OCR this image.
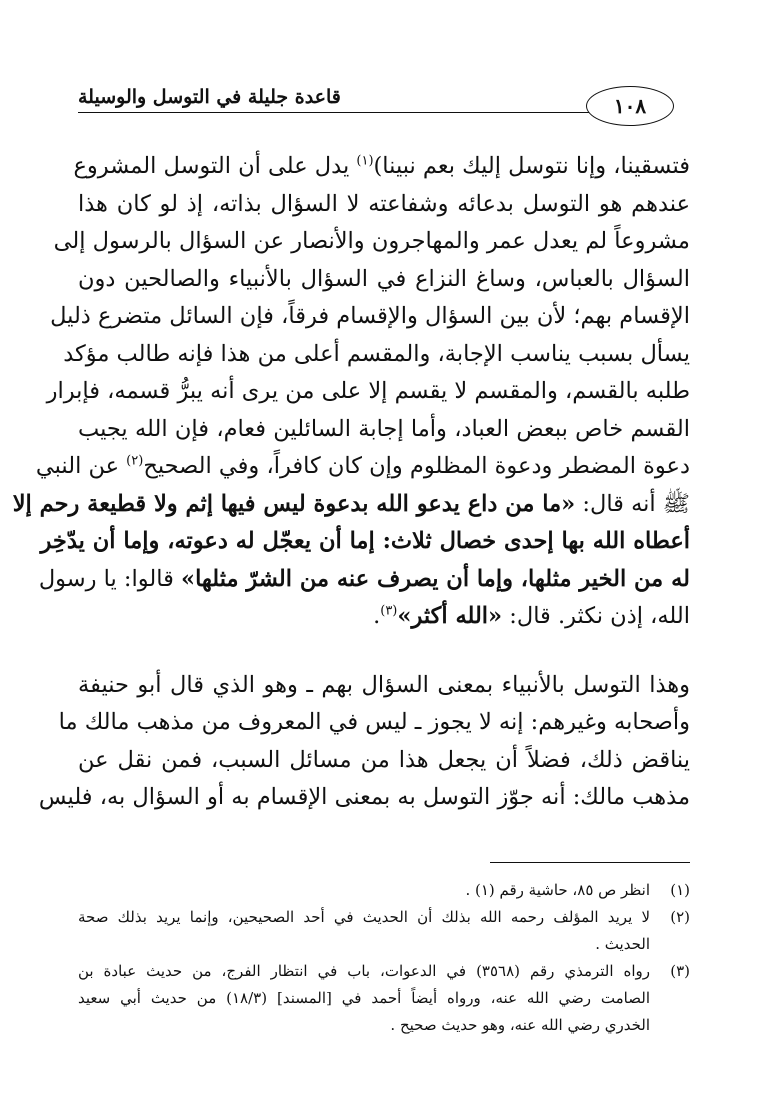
قاعدة جليلة في التوسل والوسيلة	١٠٨
فتسقينا، وإنا نتوسل إليك بعم نبينا)$^{(١)}$ يدل على أن التوسل المشروع
عندهم هو التوسل بدعائه وشفاعته لا السؤال بذاته، إذ لو كان هذا
مشروعاً لم يعدل عمر والمهاجرون والأنصار عن السؤال بالرسول إلى
السؤال بالعباس، وساغ النزاع في السؤال بالأنبياء والصالحين دون
الإقسام بهم؛ لأن بين السؤال والإقسام فرقاً، فإن السائل متضرع ذليل
يسأل بسبب يناسب الإجابة، والمقسم أعلى من هذا فإنه طالب مؤكد
طلبه بالقسم، والمقسم لا يقسم إلا على من يرى أنه يبرُّ قسمه، فإبرار
القسم خاص ببعض العباد، وأما إجابة السائلين فعام، فإن الله يجيب
دعوة المضطر ودعوة المظلوم وإن كان كافراً، وفي الصحيح$^{(٢)}$ عن النبي
ﷺ أنه قال: «ما من داع يدعو الله بدعوة ليس فيها إثم ولا قطيعة رحم إلا
أعطاه الله بها إحدى خصال ثلاث: إما أن يعجّل له دعوته، وإما أن يدّخِر
له من الخير مثلها، وإما أن يصرف عنه من الشرّ مثلها» قالوا: يا رسول
الله، إذن نكثر. قال: «الله أكثر»$^{(٣)}$.
وهذا التوسل بالأنبياء بمعنى السؤال بهم ـ وهو الذي قال أبو حنيفة
وأصحابه وغيرهم: إنه لا يجوز ـ ليس في المعروف من مذهب مالك ما
يناقض ذلك، فضلاً أن يجعل هذا من مسائل السبب، فمن نقل عن
مذهب مالك: أنه جوّز التوسل به بمعنى الإقسام به أو السؤال به، فليس
(١)
انظر ص ٨٥، حاشية رقم (١) .
(٢)
لا يريد المؤلف رحمه الله بذلك أن الحديث في أحد الصحيحين، وإنما يريد بذلك صحة
الحديث .
(٣)
رواه الترمذي رقم (٣٥٦٨) في الدعوات، باب في انتظار الفرج، من حديث عبادة بن
الصامت رضي الله عنه، ورواه أيضاً أحمد في [المسند] (١٨/٣) من حديث أبي سعيد
الخدري رضي الله عنه، وهو حديث صحيح .
